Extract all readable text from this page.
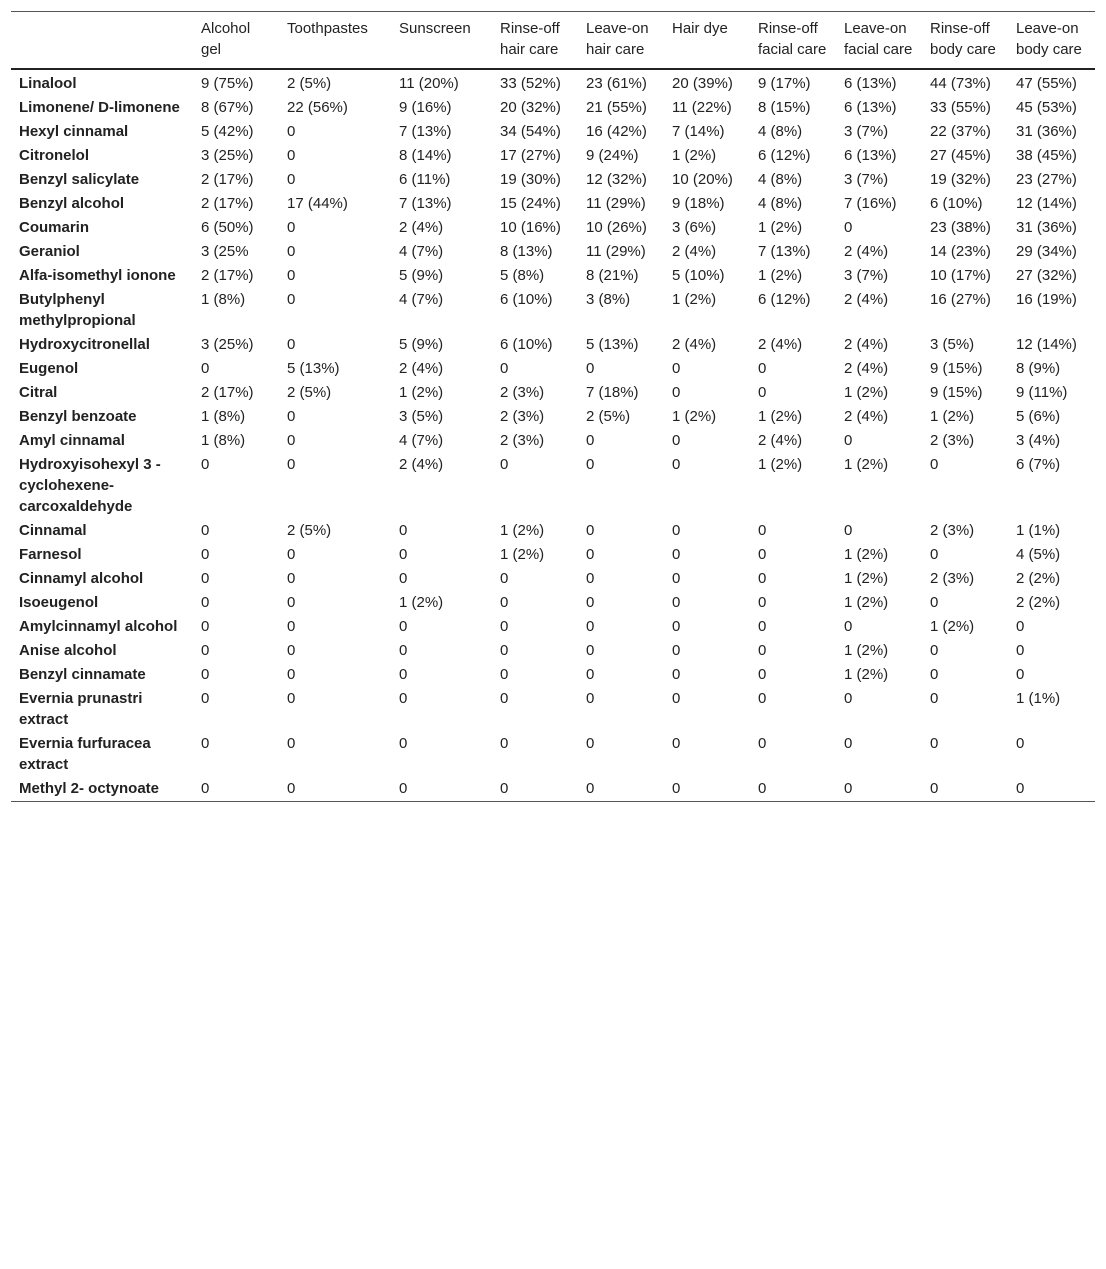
	Alcohol gel	Toothpastes	Sunscreen	Rinse-off hair care	Leave-on hair care	Hair dye	Rinse-off facial care	Leave-on facial care	Rinse-off body care	Leave-on body care
Linalool	9 (75%)	2 (5%)	11 (20%)	33 (52%)	23 (61%)	20 (39%)	9 (17%)	6 (13%)	44 (73%)	47 (55%)
Limonene/ D-limonene	8 (67%)	22 (56%)	9 (16%)	20 (32%)	21 (55%)	11 (22%)	8 (15%)	6 (13%)	33 (55%)	45 (53%)
Hexyl cinnamal	5 (42%)	0	7 (13%)	34 (54%)	16 (42%)	7 (14%)	4 (8%)	3 (7%)	22 (37%)	31 (36%)
Citronelol	3 (25%)	0	8 (14%)	17 (27%)	9 (24%)	1 (2%)	6 (12%)	6 (13%)	27 (45%)	38 (45%)
Benzyl salicylate	2 (17%)	0	6 (11%)	19 (30%)	12 (32%)	10 (20%)	4 (8%)	3 (7%)	19 (32%)	23 (27%)
Benzyl alcohol	2 (17%)	17 (44%)	7 (13%)	15 (24%)	11 (29%)	9 (18%)	4 (8%)	7 (16%)	6 (10%)	12 (14%)
Coumarin	6 (50%)	0	2 (4%)	10 (16%)	10 (26%)	3 (6%)	1 (2%)	0	23 (38%)	31 (36%)
Geraniol	3 (25%	0	4 (7%)	8 (13%)	11 (29%)	2 (4%)	7 (13%)	2 (4%)	14 (23%)	29 (34%)
Alfa-isomethyl ionone	2 (17%)	0	5 (9%)	5 (8%)	8 (21%)	5 (10%)	1 (2%)	3 (7%)	10 (17%)	27 (32%)
Butylphenyl methylpropional	1 (8%)	0	4 (7%)	6 (10%)	3 (8%)	1 (2%)	6 (12%)	2 (4%)	16 (27%)	16 (19%)
Hydroxycitronellal	3 (25%)	0	5 (9%)	6 (10%)	5 (13%)	2 (4%)	2 (4%)	2 (4%)	3 (5%)	12 (14%)
Eugenol	0	5 (13%)	2 (4%)	0	0	0	0	2 (4%)	9 (15%)	8 (9%)
Citral	2 (17%)	2 (5%)	1 (2%)	2 (3%)	7 (18%)	0	0	1 (2%)	9 (15%)	9 (11%)
Benzyl benzoate	1 (8%)	0	3 (5%)	2 (3%)	2 (5%)	1 (2%)	1 (2%)	2 (4%)	1 (2%)	5 (6%)
Amyl cinnamal	1 (8%)	0	4 (7%)	2 (3%)	0	0	2 (4%)	0	2 (3%)	3 (4%)
Hydroxyisohexyl 3 - cyclohexene- carcoxaldehyde	0	0	2 (4%)	0	0	0	1 (2%)	1 (2%)	0	6 (7%)
Cinnamal	0	2 (5%)	0	1 (2%)	0	0	0	0	2 (3%)	1 (1%)
Farnesol	0	0	0	1 (2%)	0	0	0	1 (2%)	0	4 (5%)
Cinnamyl alcohol	0	0	0	0	0	0	0	1 (2%)	2 (3%)	2 (2%)
Isoeugenol	0	0	1 (2%)	0	0	0	0	1 (2%)	0	2 (2%)
Amylcinnamyl alcohol	0	0	0	0	0	0	0	0	1 (2%)	0
Anise alcohol	0	0	0	0	0	0	0	1 (2%)	0	0
Benzyl cinnamate	0	0	0	0	0	0	0	1 (2%)	0	0
Evernia prunastri extract	0	0	0	0	0	0	0	0	0	1 (1%)
Evernia furfuracea extract	0	0	0	0	0	0	0	0	0	0
Methyl 2- octynoate	0	0	0	0	0	0	0	0	0	0
